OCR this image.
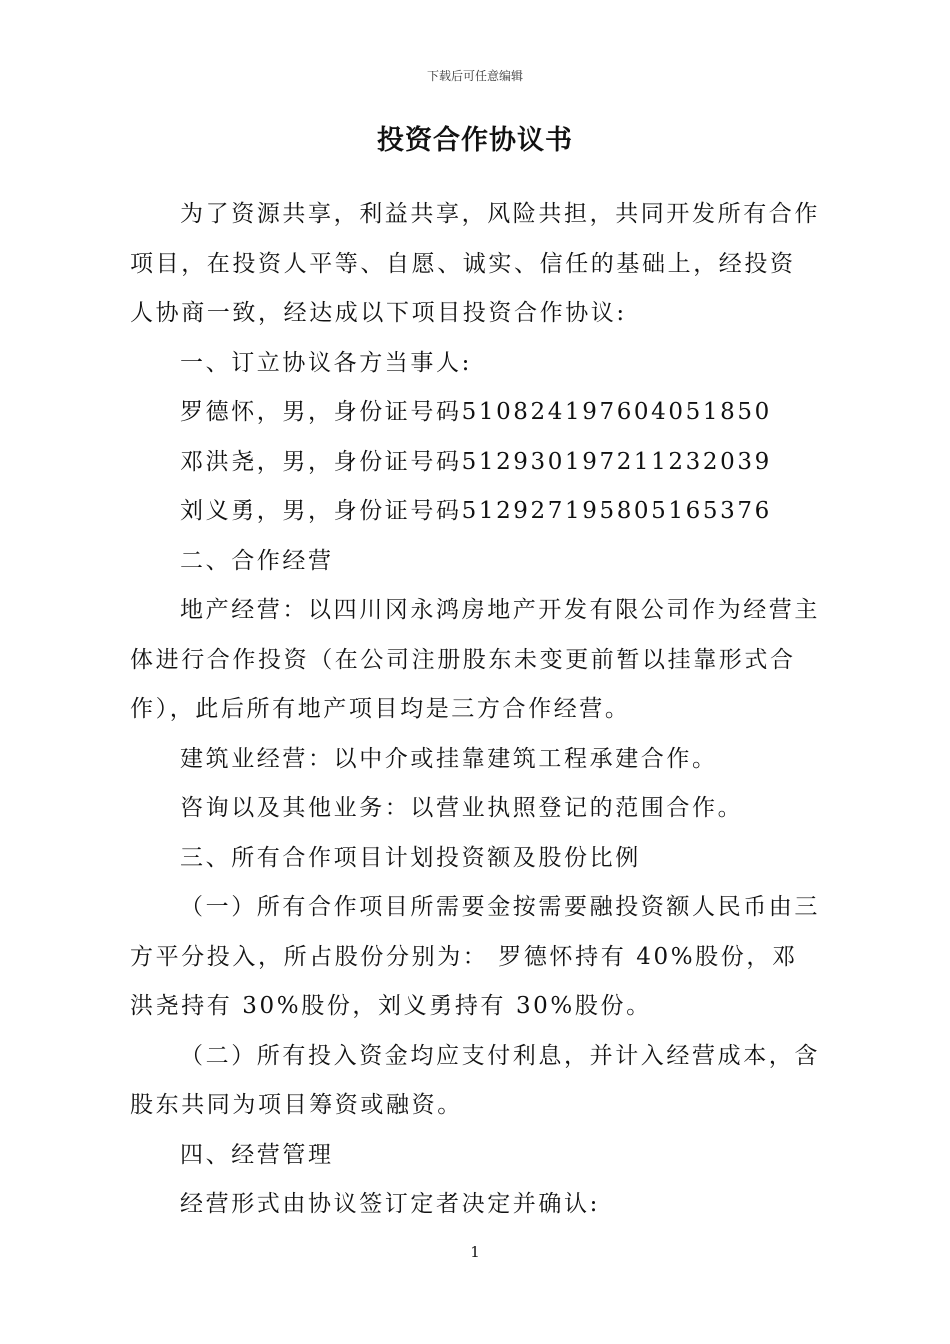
下载后可任意编辑
投资合作协议书

为了资源共享，利益共享，风险共担，共同开发所有合作项目，在投资人平等、自愿、诚实、信任的基础上，经投资人协商一致，经达成以下项目投资合作协议:

一、订立协议各方当事人:

罗德怀，男，身份证号码510824197604051850

邓洪尧，男，身份证号码512930197211232039

刘义勇，男，身份证号码512927195805165376

二、合作经营

地产经营：以四川冈永鸿房地产开发有限公司作为经营主体进行合作投资（在公司注册股东未变更前暂以挂靠形式合作），此后所有地产项目均是三方合作经营。

建筑业经营：以中介或挂靠建筑工程承建合作。

咨询以及其他业务：以营业执照登记的范围合作。

三、所有合作项目计划投资额及股份比例

（一）所有合作项目所需要金按需要融投资额人民币由三方平分投入，所占股份分别为： 罗德怀持有 40%股份，邓洪尧持有 30%股份，刘义勇持有 30%股份。

（二）所有投入资金均应支付利息，并计入经营成本，含股东共同为项目筹资或融资。

四、经营管理

经营形式由协议签订定者决定并确认:

1
